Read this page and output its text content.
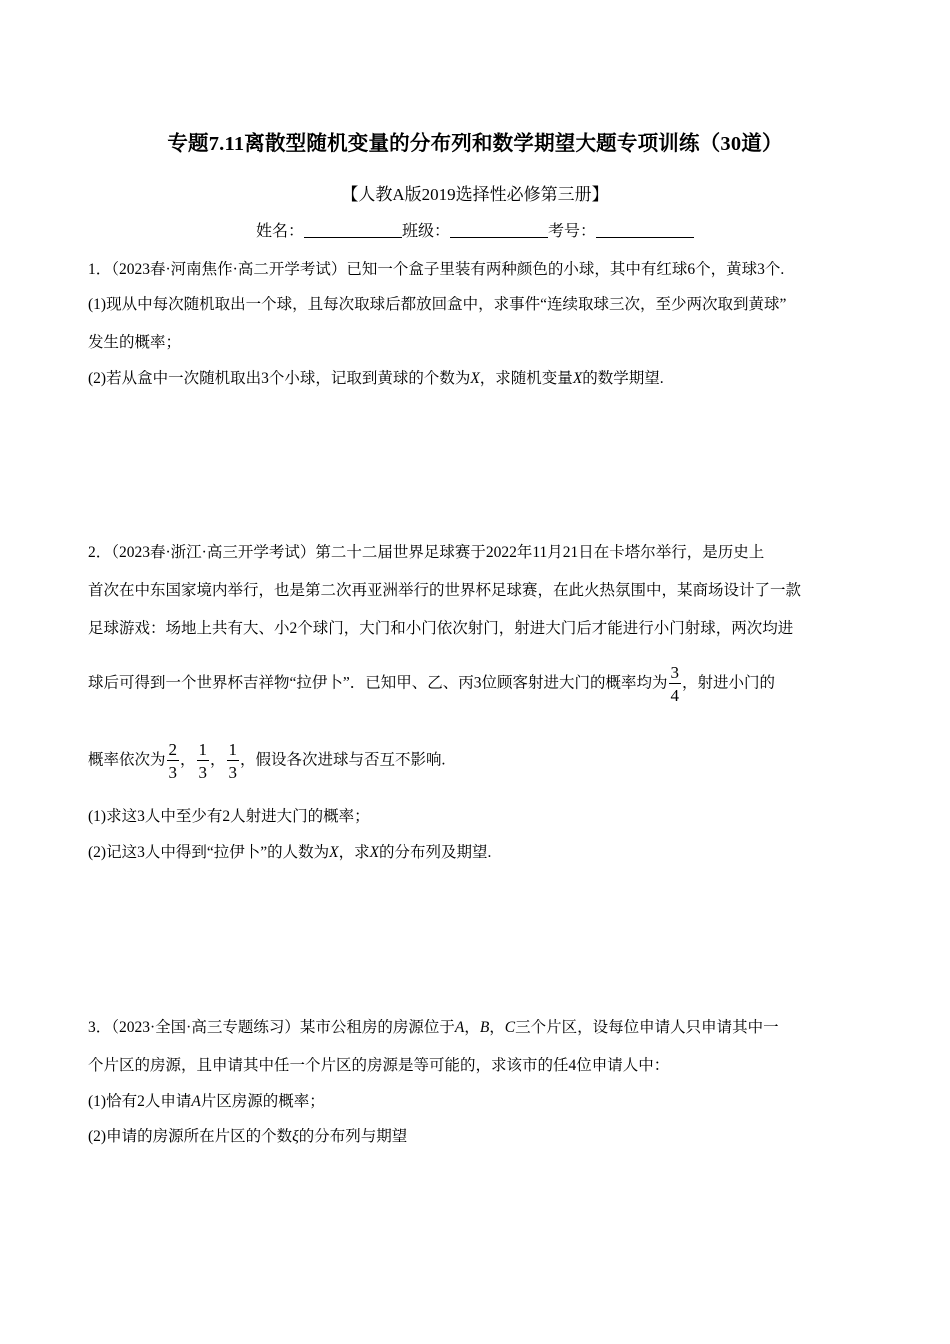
专题7.11离散型随机变量的分布列和数学期望大题专项训练（30道）
【人教A版2019选择性必修第三册】
姓名：	班级：	考号：
1．（2023春·河南焦作·高二开学考试）已知一个盒子里装有两种颜色的小球，其中有红球6个，黄球3个.
(1)现从中每次随机取出一个球，且每次取球后都放回盒中，求事件“连续取球三次，至少两次取到黄球”
发生的概率；
(2)若从盒中一次随机取出3个小球，记取到黄球的个数为X，求随机变量X的数学期望.
2．（2023春·浙江·高三开学考试）第二十二届世界足球赛于2022年11月21日在卡塔尔举行，是历史上
首次在中东国家境内举行，也是第二次再亚洲举行的世界杯足球赛，在此火热氛围中，某商场设计了一款
足球游戏：场地上共有大、小2个球门，大门和小门依次射门，射进大门后才能进行小门射球，两次均进
球后可得到一个世界杯吉祥物“拉伊卜”．已知甲、乙、丙3位顾客射进大门的概率均为 $\frac{3}{4}$ ，射进小门的
概率依次为 $\frac{2}{3}$ ， $\frac{1}{3}$ ， $\frac{1}{3}$ ，假设各次进球与否互不影响.
(1)求这3人中至少有2人射进大门的概率；
(2)记这3人中得到“拉伊卜”的人数为X，求X的分布列及期望.
3．（2023·全国·高三专题练习）某市公租房的房源位于A，B，C三个片区，设每位申请人只申请其中一
个片区的房源，且申请其中任一个片区的房源是等可能的，求该市的任4位申请人中：
(1)恰有2人申请A片区房源的概率；
(2)申请的房源所在片区的个数ξ的分布列与期望
